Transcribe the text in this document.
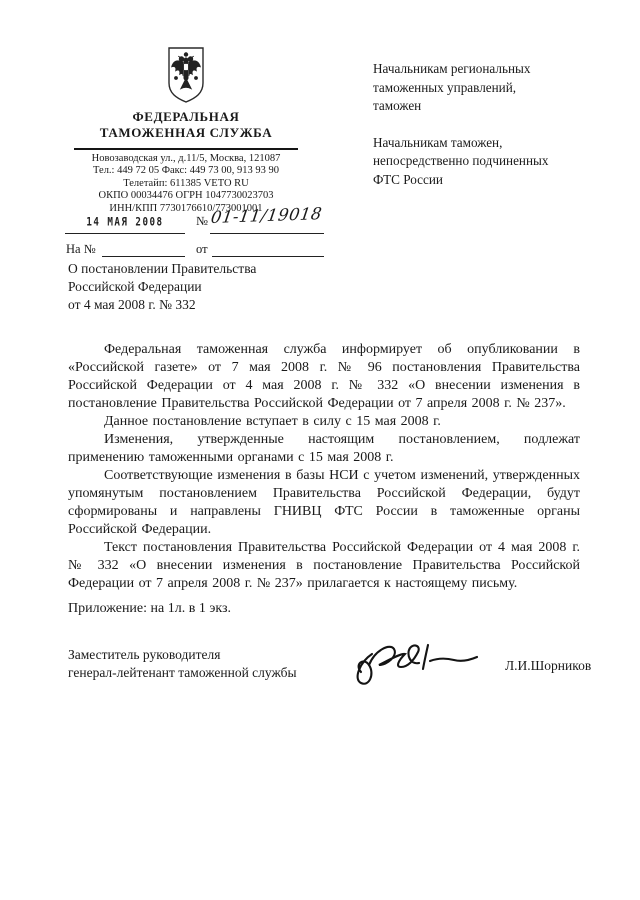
ФЕДЕРАЛЬНАЯ
ТАМОЖЕННАЯ СЛУЖБА
Новозаводская ул., д.11/5, Москва, 121087
Тел.: 449 72 05 Факс: 449 73 00, 913 93 90
Телетайп: 611385 VETO RU
ОКПО 00034476 ОГРН 1047730023703
ИНН/КПП 7730176610/773001001
14 МАЯ 2008	№ 01-11/19018
На №	от
Начальникам региональных
таможенных управлений,
таможен
Начальникам таможен,
непосредственно подчиненных
ФТС России
О постановлении Правительства
Российской Федерации
от 4 мая 2008 г. № 332

Федеральная таможенная служба информирует об опубликовании в «Российской газете» от 7 мая 2008 г. № 96 постановления Правительства Российской Федерации от 4 мая 2008 г. № 332 «О внесении изменения в постановление Правительства Российской Федерации от 7 апреля 2008 г. № 237».

Данное постановление вступает в силу с 15 мая 2008 г.

Изменения, утвержденные настоящим постановлением, подлежат применению таможенными органами с 15 мая 2008 г.

Соответствующие изменения в базы НСИ с учетом изменений, утвержденных упомянутым постановлением Правительства Российской Федерации, будут сформированы и направлены ГНИВЦ ФТС России в таможенные органы Российской Федерации.

Текст постановления Правительства Российской Федерации от 4 мая 2008 г. № 332 «О внесении изменения в постановление Правительства Российской Федерации от 7 апреля 2008 г. № 237» прилагается к настоящему письму.

Приложение: на 1л. в 1 экз.
Заместитель руководителя
генерал-лейтенант таможенной службы	Л.И.Шорников
